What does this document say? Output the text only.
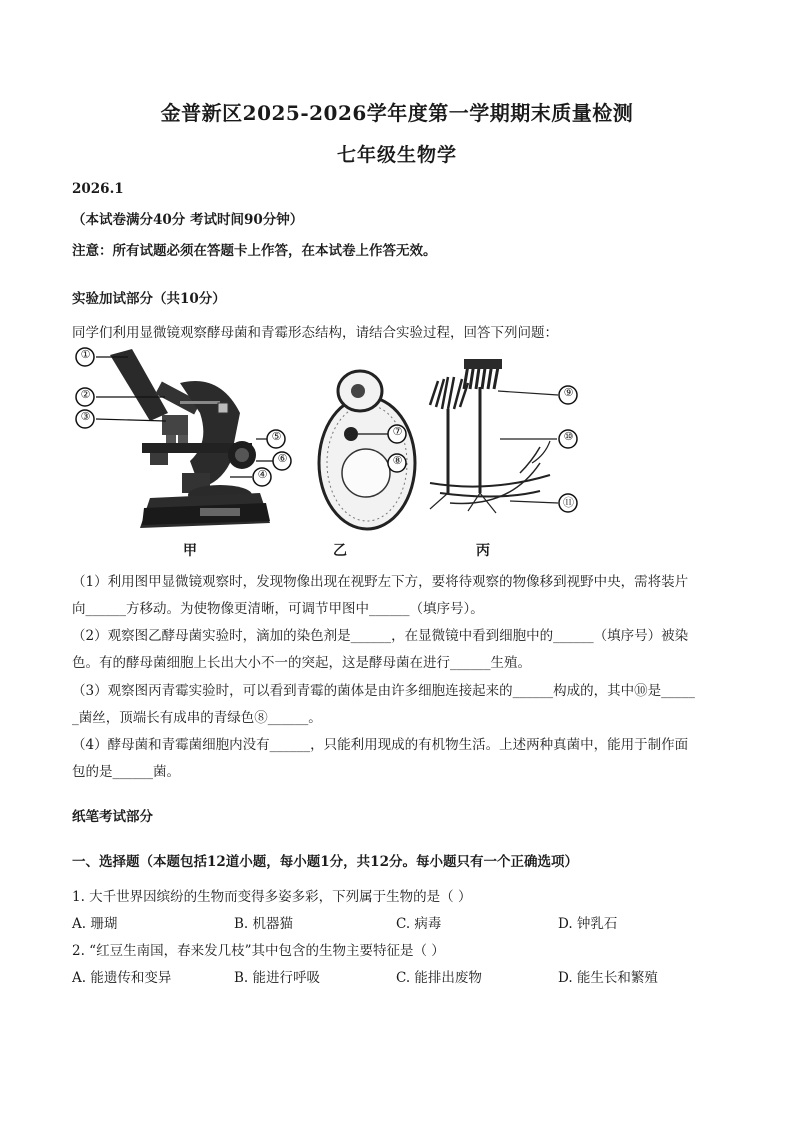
金普新区2025-2026学年度第一学期期末质量检测
七年级生物学
2026.1
（本试卷满分40分 考试时间90分钟）
注意：所有试题必须在答题卡上作答，在本试卷上作答无效。
实验加试部分（共10分）
同学们利用显微镜观察酵母菌和青霉形态结构，请结合实验过程，回答下列问题：
①
②
③
④
⑤
⑥
⑦
⑧
⑨
⑩
⑪
甲	乙	丙
（1）利用图甲显微镜观察时，发现物像出现在视野左下方，要将待观察的物像移到视野中央，需将装片
向______方移动。为使物像更清晰，可调节甲图中______（填序号）。
（2）观察图乙酵母菌实验时，滴加的染色剂是______，在显微镜中看到细胞中的______（填序号）被染
色。有的酵母菌细胞上长出大小不一的突起，这是酵母菌在进行______生殖。
（3）观察图丙青霉实验时，可以看到青霉的菌体是由许多细胞连接起来的______构成的，其中⑩是_____
_菌丝，顶端长有成串的青绿色⑧______。
（4）酵母菌和青霉菌细胞内没有______，只能利用现成的有机物生活。上述两种真菌中，能用于制作面
包的是______菌。
纸笔考试部分
一、选择题（本题包括12道小题，每小题1分，共12分。每小题只有一个正确选项）
1. 大千世界因缤纷的生物而变得多姿多彩，下列属于生物的是（ ）
A. 珊瑚	B. 机器猫	C. 病毒	D. 钟乳石
2. “红豆生南国，春来发几枝”其中包含的生物主要特征是（ ）
A. 能遗传和变异	B. 能进行呼吸	C. 能排出废物	D. 能生长和繁殖
